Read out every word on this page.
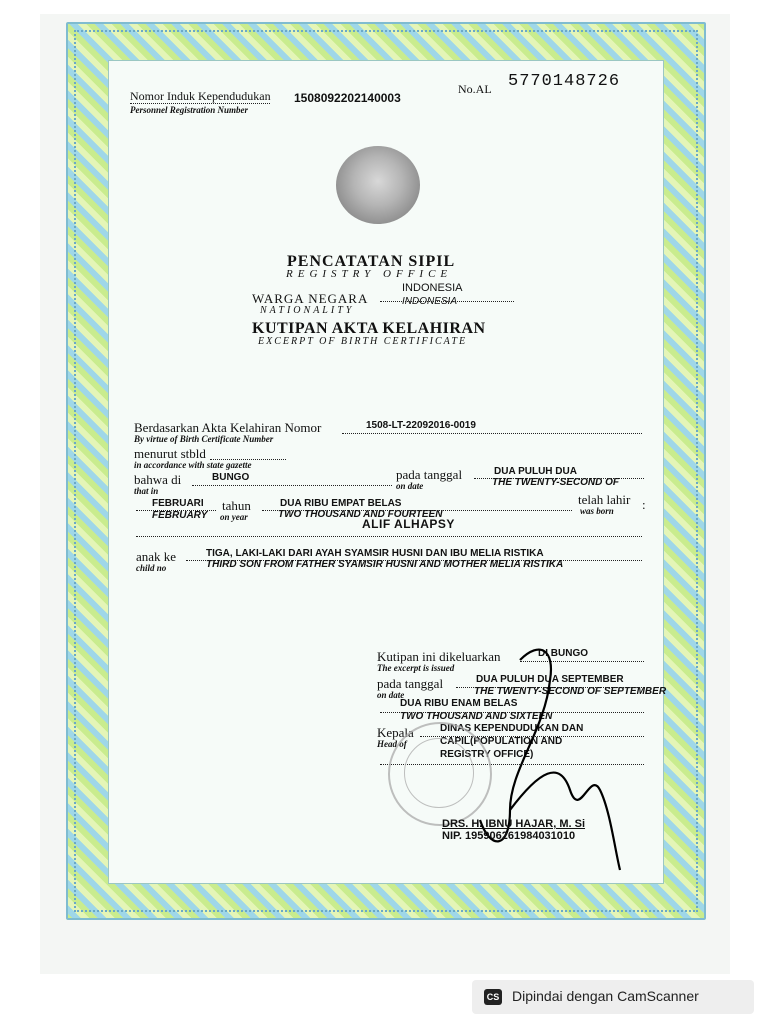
Nomor Induk Kependudukan
Personnel Registration Number
1508092202140003
No.AL 5770148726
PENCATATAN SIPIL
REGISTRY OFFICE
WARGA NEGARA
NATIONALITY
INDONESIA
INDONESIA
KUTIPAN AKTA KELAHIRAN
EXCERPT OF BIRTH CERTIFICATE
Berdasarkan Akta Kelahiran Nomor
By virtue of Birth Certificate Number
1508-LT-22092016-0019
menurut stbld
in accordance with state gazette
bahwa di
that in
BUNGO	pada tanggal
on date
DUA PULUH DUA
THE TWENTY-SECOND OF
FEBRUARI
FEBRUARY
tahun
on year
DUA RIBU EMPAT BELAS
TWO THOUSAND AND FOURTEEN
telah lahir
was born :
ALIF ALHAPSY
anak ke
child no
TIGA, LAKI-LAKI DARI AYAH SYAMSIR HUSNI DAN IBU MELIA RISTIKA
THIRD SON FROM FATHER SYAMSIR HUSNI AND MOTHER MELIA RISTIKA
Kutipan ini dikeluarkan
The excerpt is issued
DI BUNGO
pada tanggal
on date
DUA PULUH DUA SEPTEMBER
THE TWENTY-SECOND OF SEPTEMBER
DUA RIBU ENAM BELAS
TWO THOUSAND AND SIXTEEN
Kepala
Head of
DINAS KEPENDUDUKAN DAN
CAPIL(POPULATION AND
REGISTRY OFFICE)
DRS. H. IBNU HAJAR, M. Si
NIP. 195906261984031010
CS Dipindai dengan CamScanner
